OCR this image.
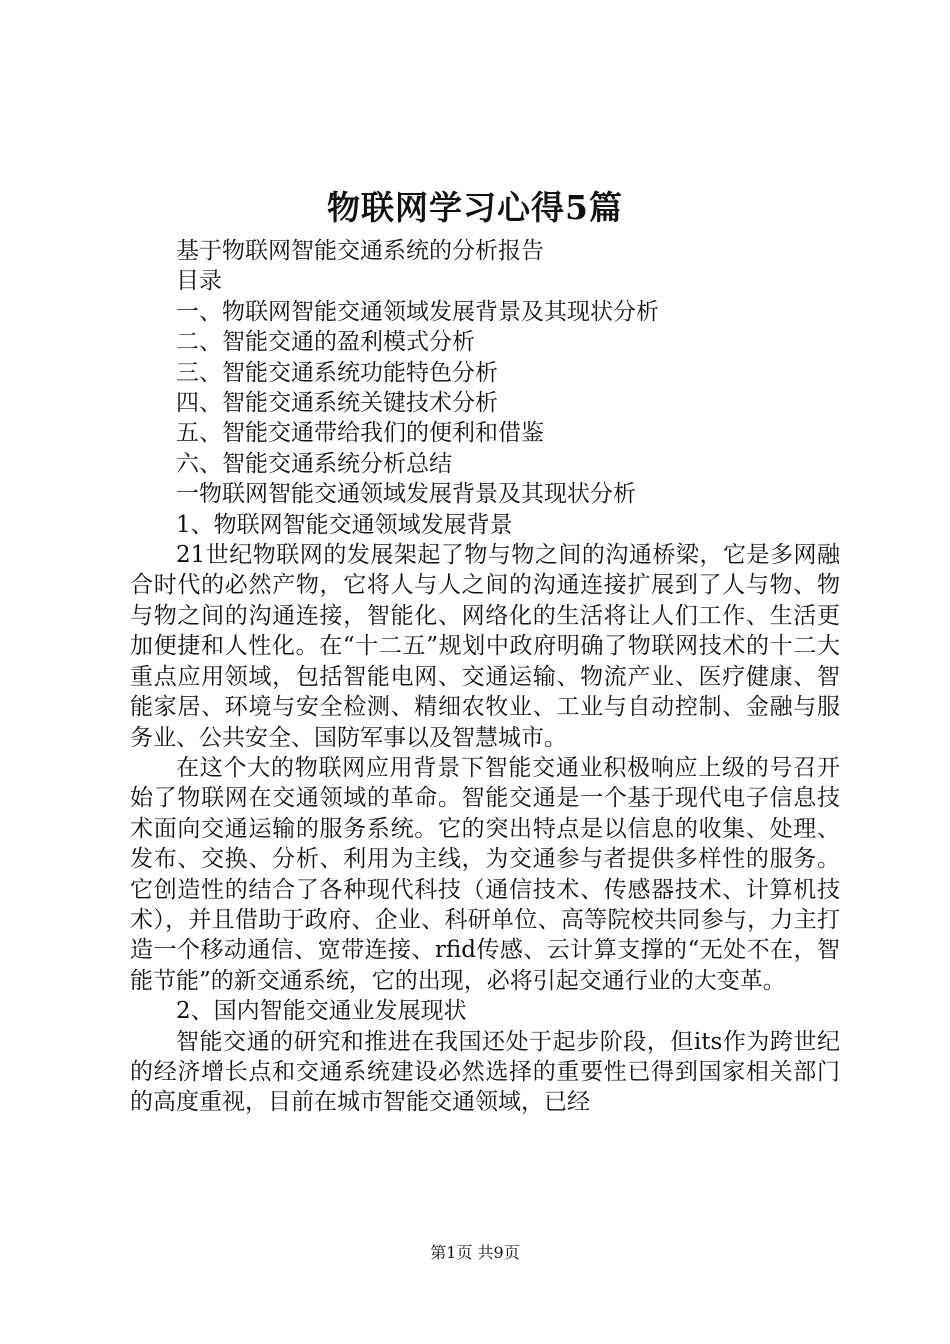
物联网学习心得5篇

基于物联网智能交通系统的分析报告

目录

一、物联网智能交通领域发展背景及其现状分析

二、智能交通的盈利模式分析

三、智能交通系统功能特色分析

四、智能交通系统关键技术分析

五、智能交通带给我们的便利和借鉴

六、智能交通系统分析总结

一物联网智能交通领域发展背景及其现状分析

1、物联网智能交通领域发展背景

21世纪物联网的发展架起了物与物之间的沟通桥梁，它是多网融合时代的必然产物，它将人与人之间的沟通连接扩展到了人与物、物与物之间的沟通连接，智能化、网络化的生活将让人们工作、生活更加便捷和人性化。在“十二五”规划中政府明确了物联网技术的十二大重点应用领域，包括智能电网、交通运输、物流产业、医疗健康、智能家居、环境与安全检测、精细农牧业、工业与自动控制、金融与服务业、公共安全、国防军事以及智慧城市。

在这个大的物联网应用背景下智能交通业积极响应上级的号召开始了物联网在交通领域的革命。智能交通是一个基于现代电子信息技术面向交通运输的服务系统。它的突出特点是以信息的收集、处理、发布、交换、分析、利用为主线，为交通参与者提供多样性的服务。它创造性的结合了各种现代科技（通信技术、传感器技术、计算机技术），并且借助于政府、企业、科研单位、高等院校共同参与，力主打造一个移动通信、宽带连接、rfid传感、云计算支撑的“无处不在，智能节能”的新交通系统，它的出现，必将引起交通行业的大变革。

2、国内智能交通业发展现状

智能交通的研究和推进在我国还处于起步阶段，但its作为跨世纪的经济增长点和交通系统建设必然选择的重要性已得到国家相关部门的高度重视，目前在城市智能交通领域，已经

第1页 共9页
